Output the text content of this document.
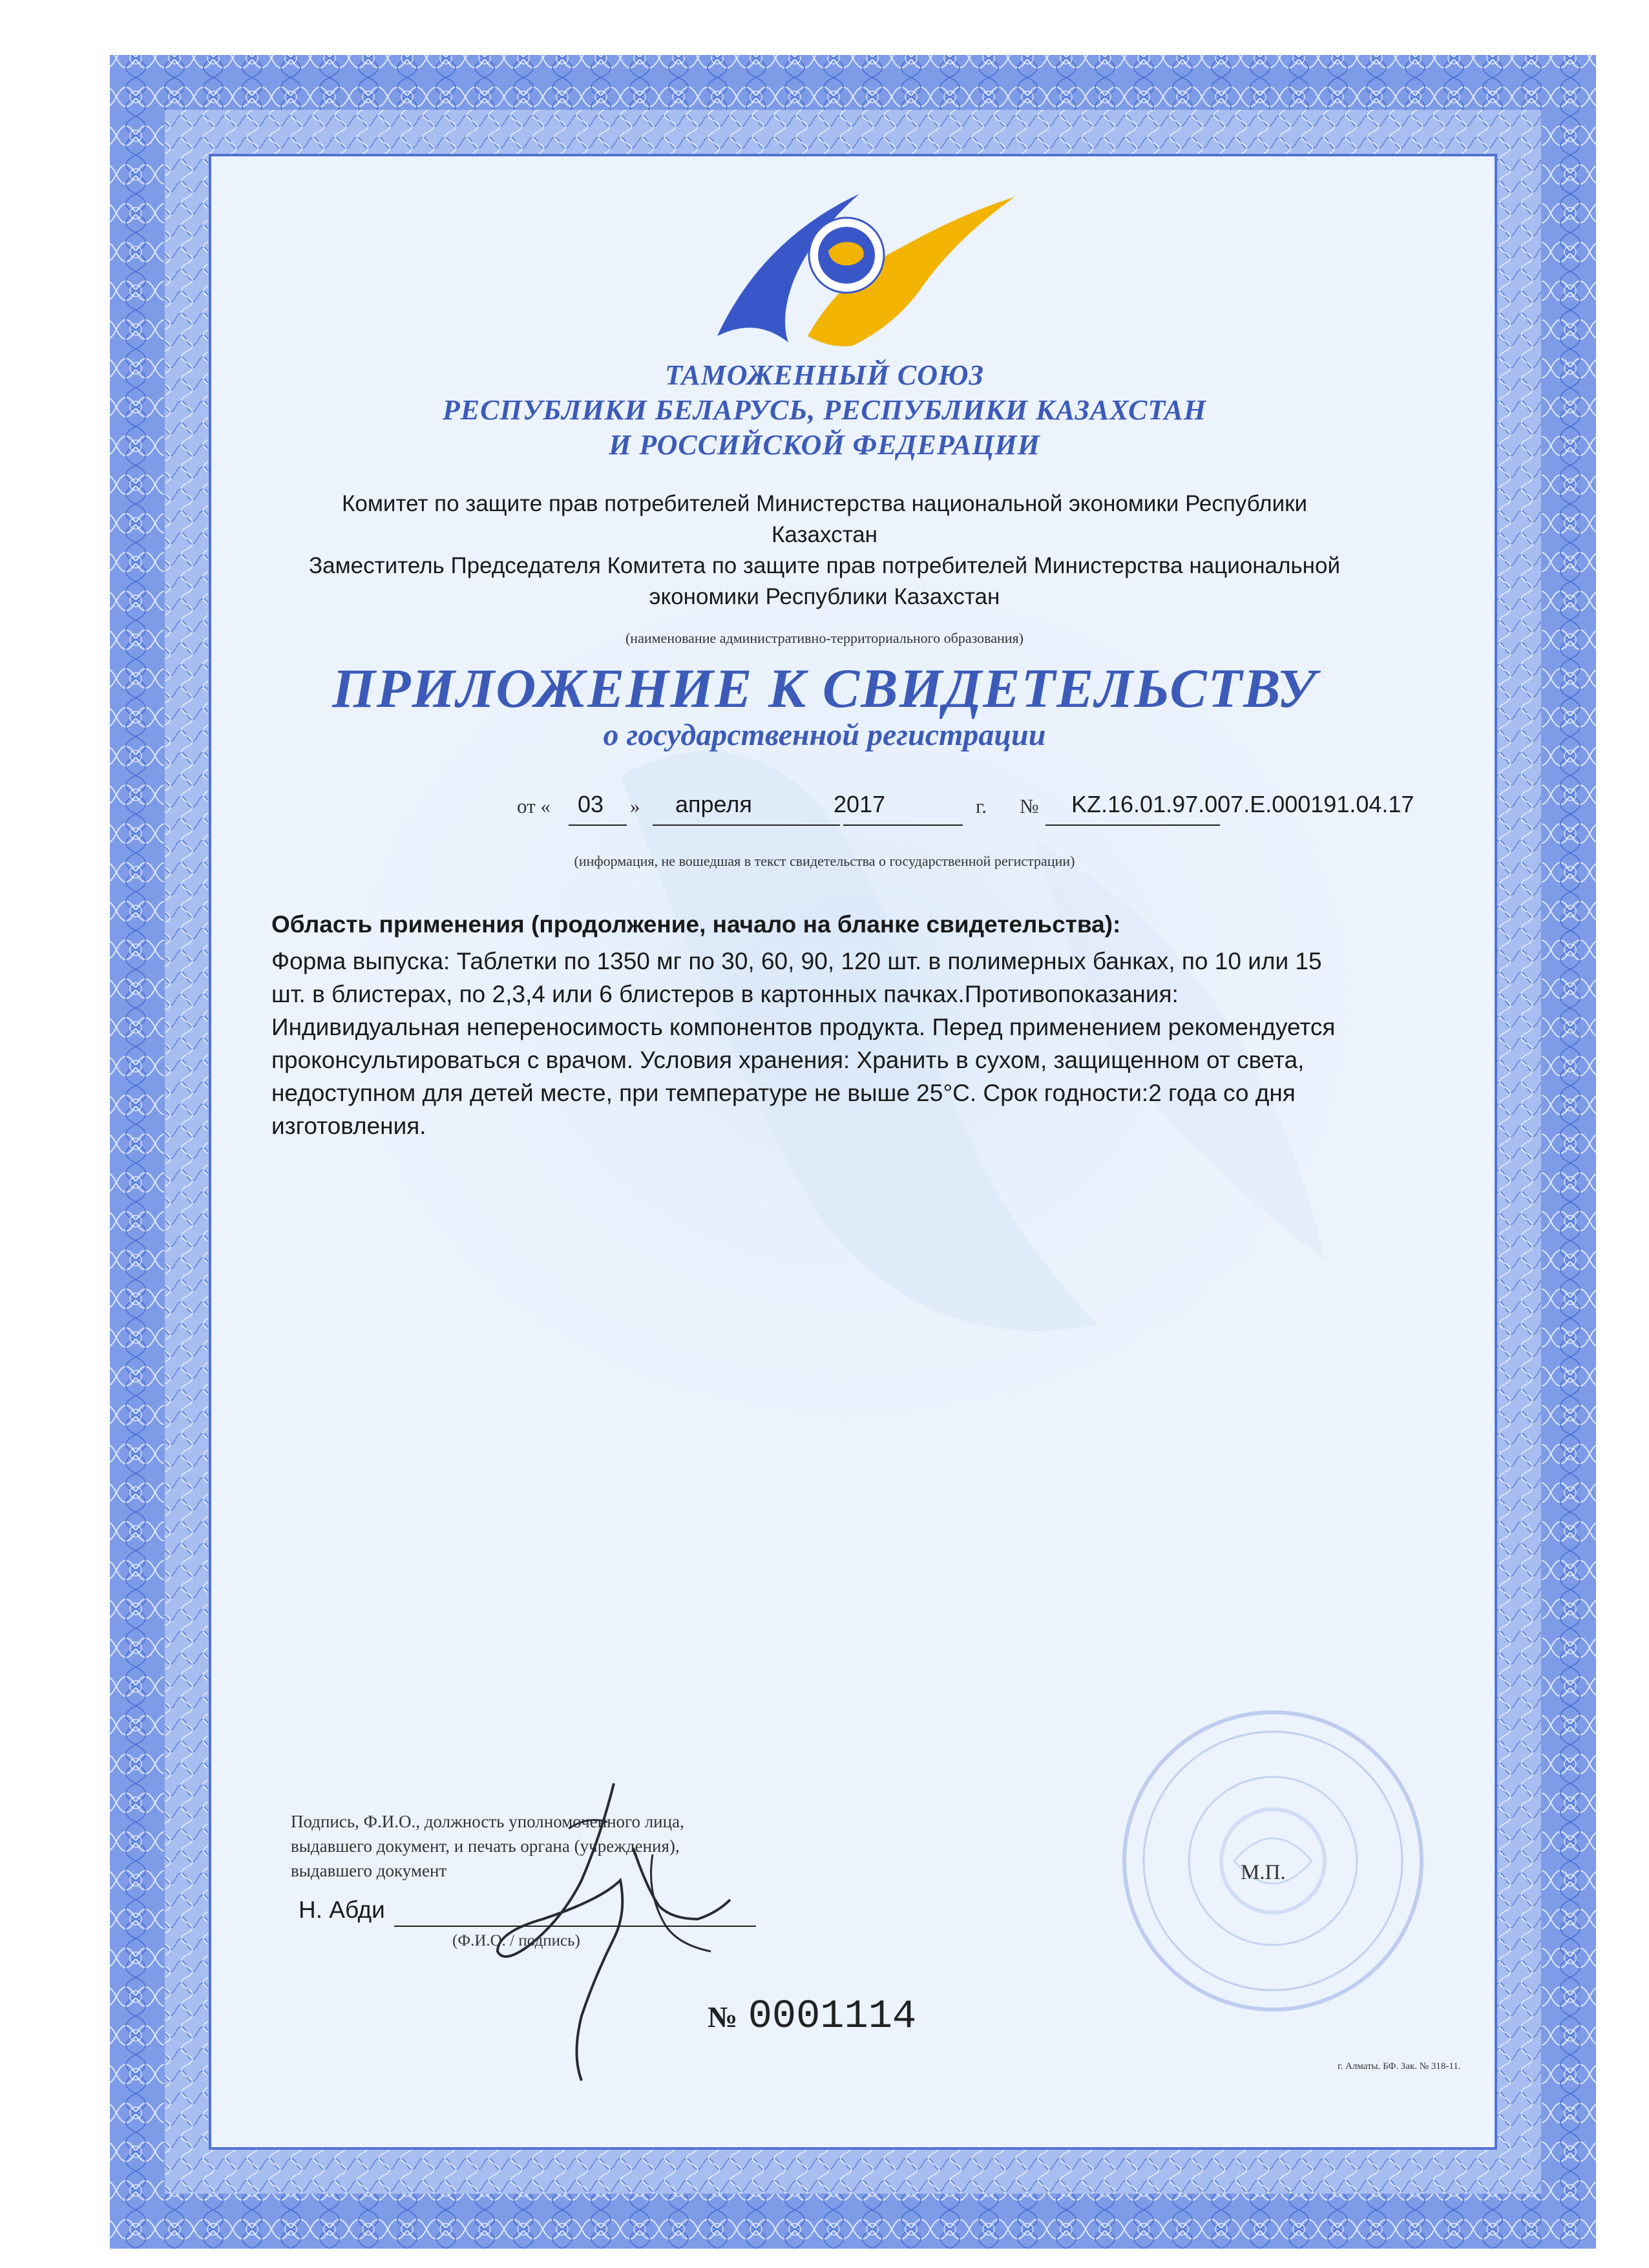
ТАМОЖЕННЫЙ СОЮЗ
РЕСПУБЛИКИ БЕЛАРУСЬ, РЕСПУБЛИКИ КАЗАХСТАН
И РОССИЙСКОЙ ФЕДЕРАЦИИ
Комитет по защите прав потребителей Министерства национальной экономики Республики
Казахстан
Заместитель Председателя Комитета по защите прав потребителей Министерства национальной
экономики Республики Казахстан
(наименование административно-территориального образования)
ПРИЛОЖЕНИЕ К СВИДЕТЕЛЬСТВУ
о государственной регистрации
от « 03 » апреля	2017	г. № KZ.16.01.97.007.E.000191.04.17
(информация, не вошедшая в текст свидетельства о государственной регистрации)
Область применения (продолжение, начало на бланке свидетельства):
Форма выпуска: Таблетки по 1350 мг по 30, 60, 90, 120 шт. в полимерных банках, по 10 или 15
шт. в блистерах, по 2,3,4 или 6 блистеров в картонных пачках.Противопоказания:
Индивидуальная непереносимость компонентов продукта. Перед применением рекомендуется
проконсультироваться с врачом. Условия хранения: Хранить в сухом, защищенном от света,
недоступном для детей месте, при температуре не выше 25°C. Срок годности:2 года со дня
изготовления.
Подпись, Ф.И.О., должность уполномоченного лица,
выдавшего документ, и печать органа (учреждения),
выдавшего документ
Н. Абди
(Ф.И.О. / подпись)
М.П.
№ 0001114
г. Алматы. БФ. Зак. № 318-11.
